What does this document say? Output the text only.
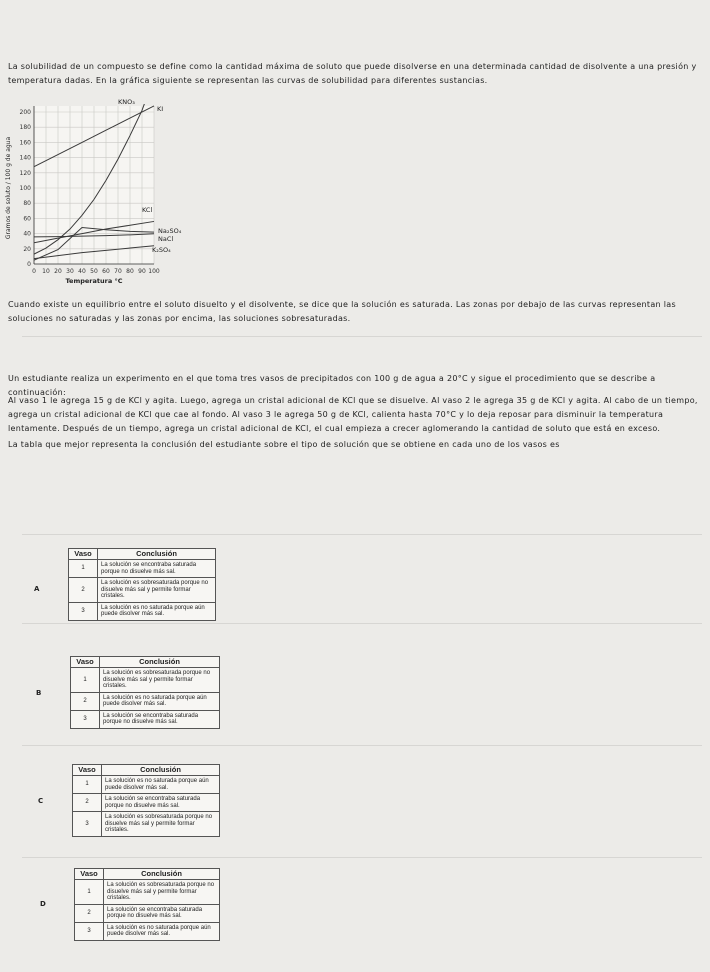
La solubilidad de un compuesto se define como la cantidad máxima de soluto que puede disolverse en una determinada cantidad de disolvente a una presión y temperatura dadas. En la gráfica siguiente se representan las curvas de solubilidad para diferentes sustancias.

0 10 20 30 40 50 60 70 80 90 100
0
20
40
60
80
100
120
140
160
180
200
KNO₃
KI
KCl
Na₂SO₄
NaCl
K₂SO₄
Temperatura °C
Gramos de soluto / 100 g de agua

Cuando existe un equilibrio entre el soluto disuelto y el disolvente, se dice que la solución es saturada. Las zonas por debajo de las curvas representan las soluciones no saturadas y las zonas por encima, las soluciones sobresaturadas.

Un estudiante realiza un experimento en el que toma tres vasos de precipitados con 100 g de agua a 20°C y sigue el procedimiento que se describe a continuación:

Al vaso 1 le agrega 15 g de KCl y agita. Luego, agrega un cristal adicional de KCl que se disuelve. Al vaso 2 le agrega 35 g de KCl y agita. Al cabo de un tiempo, agrega un cristal adicional de KCl que cae al fondo. Al vaso 3 le agrega 50 g de KCl, calienta hasta 70°C y lo deja reposar para disminuir la temperatura lentamente. Después de un tiempo, agrega un cristal adicional de KCl, el cual empieza a crecer aglomerando la cantidad de soluto que está en exceso.

La tabla que mejor representa la conclusión del estudiante sobre el tipo de solución que se obtiene en cada uno de los vasos es

A
Vaso	Conclusión
1	La solución se encontraba saturada porque no disuelve más sal.
2	La solución es sobresaturada porque no disuelve más sal y permite formar cristales.
3	La solución es no saturada porque aún puede disolver más sal.
B
Vaso	Conclusión
1	La solución es sobresaturada porque no disuelve más sal y permite formar cristales.
2	La solución es no saturada porque aún puede disolver más sal.
3	La solución se encontraba saturada porque no disuelve más sal.
C
Vaso	Conclusión
1	La solución es no saturada porque aún puede disolver más sal.
2	La solución se encontraba saturada porque no disuelve más sal.
3	La solución es sobresaturada porque no disuelve más sal y permite formar cristales.
D
Vaso	Conclusión
1	La solución es sobresaturada porque no disuelve más sal y permite formar cristales.
2	La solución se encontraba saturada porque no disuelve más sal.
3	La solución es no saturada porque aún puede disolver más sal.
